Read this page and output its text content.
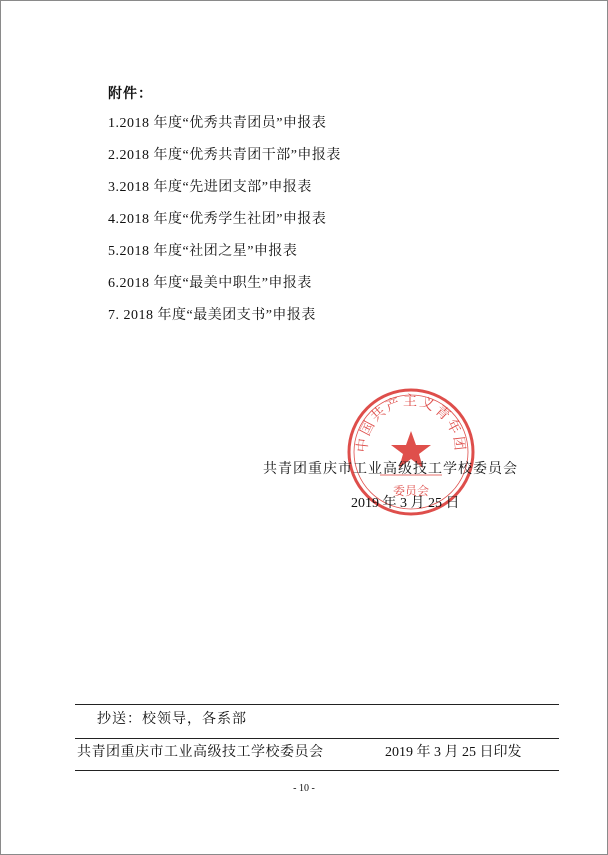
附件：
1.2018 年度“优秀共青团员”申报表
2.2018 年度“优秀共青团干部”申报表
3.2018 年度“先进团支部”申报表
4.2018 年度“优秀学生社团”申报表
5.2018 年度“社团之星”申报表
6.2018 年度“最美中职生”申报表
7. 2018 年度“最美团支书”申报表
中国共产主义青年团
委员会
共青团重庆市工业高级技工学校委员会
2019 年 3 月 25 日
抄送：校领导，各系部
共青团重庆市工业高级技工学校委员会	2019 年 3 月 25 日印发
- 10 -
